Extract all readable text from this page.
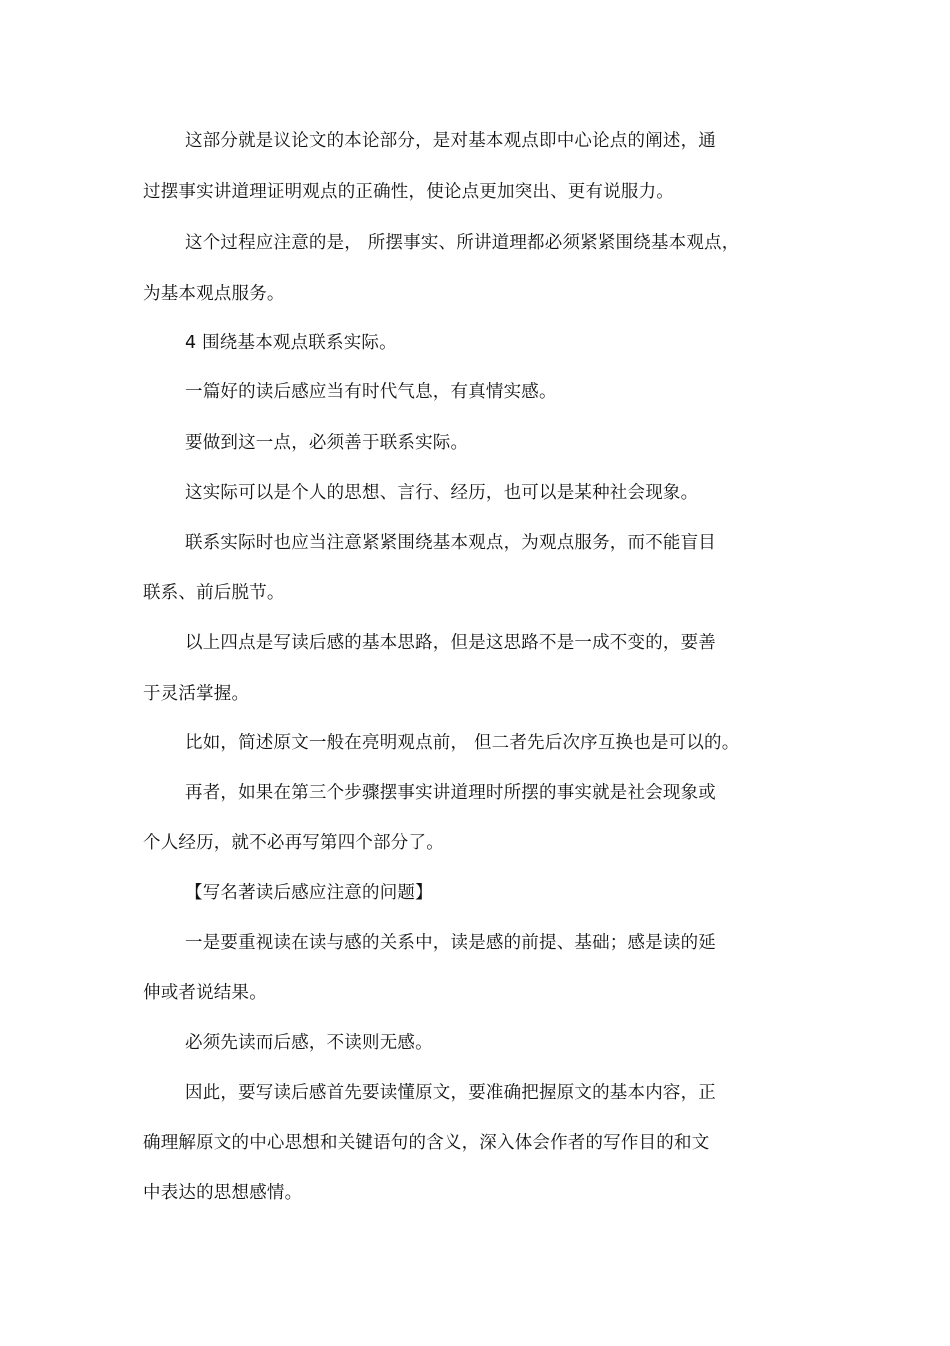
这部分就是议论文的本论部分，是对基本观点即中心论点的阐述，通
过摆事实讲道理证明观点的正确性，使论点更加突出、更有说服力。
这个过程应注意的是， 所摆事实、所讲道理都必须紧紧围绕基本观点，
为基本观点服务。
4 围绕基本观点联系实际。
一篇好的读后感应当有时代气息，有真情实感。
要做到这一点，必须善于联系实际。
这实际可以是个人的思想、言行、经历，也可以是某种社会现象。
联系实际时也应当注意紧紧围绕基本观点，为观点服务，而不能盲目
联系、前后脱节。
以上四点是写读后感的基本思路，但是这思路不是一成不变的，要善
于灵活掌握。
比如，简述原文一般在亮明观点前， 但二者先后次序互换也是可以的。
再者，如果在第三个步骤摆事实讲道理时所摆的事实就是社会现象或
个人经历，就不必再写第四个部分了。
【写名著读后感应注意的问题】
一是要重视读在读与感的关系中，读是感的前提、基础；感是读的延
伸或者说结果。
必须先读而后感，不读则无感。
因此，要写读后感首先要读懂原文，要准确把握原文的基本内容，正
确理解原文的中心思想和关键语句的含义，深入体会作者的写作目的和文
中表达的思想感情。
